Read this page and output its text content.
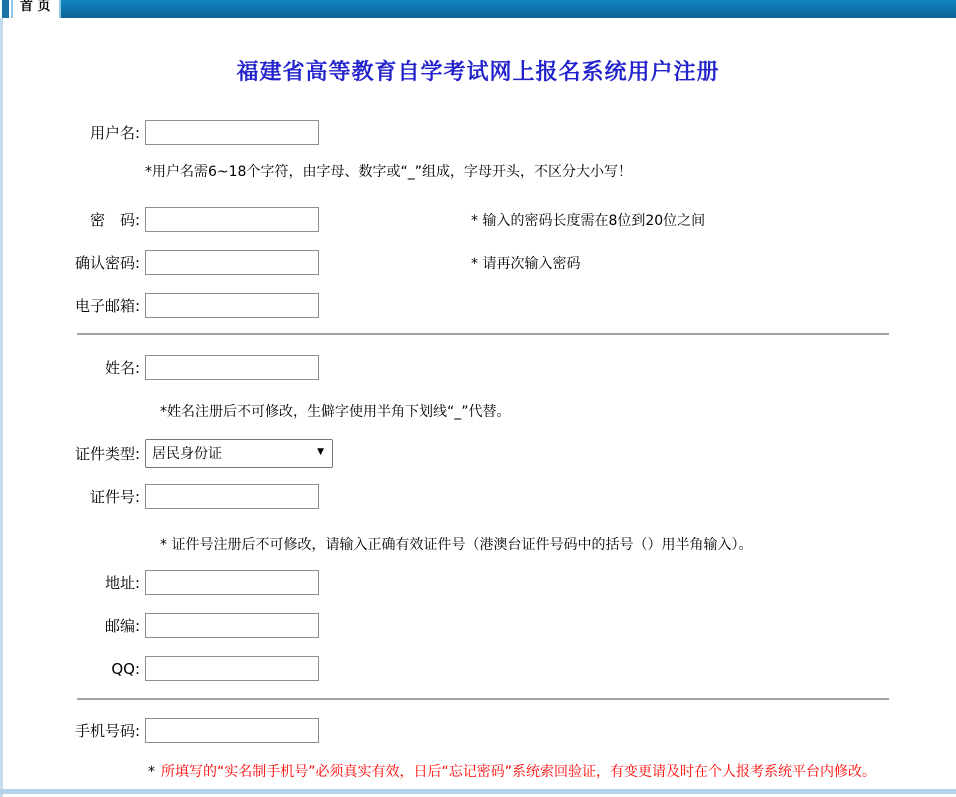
首 页
福建省高等教育自学考试网上报名系统用户注册
用户名:
*用户名需6~18个字符，由字母、数字或“_”组成，字母开头，不区分大小写！
密　码:	* 输入的密码长度需在8位到20位之间
确认密码:	* 请再次输入密码
电子邮箱:
姓名:
*姓名注册后不可修改，生僻字使用半角下划线“_”代替。
证件类型:
居民身份证	▼
证件号:
* 证件号注册后不可修改，请输入正确有效证件号（港澳台证件号码中的括号（）用半角输入）。
地址:
邮编:
QQ:
手机号码:
* 所填写的“实名制手机号”必须真实有效，日后“忘记密码”系统索回验证，有变更请及时在个人报考系统平台内修改。
